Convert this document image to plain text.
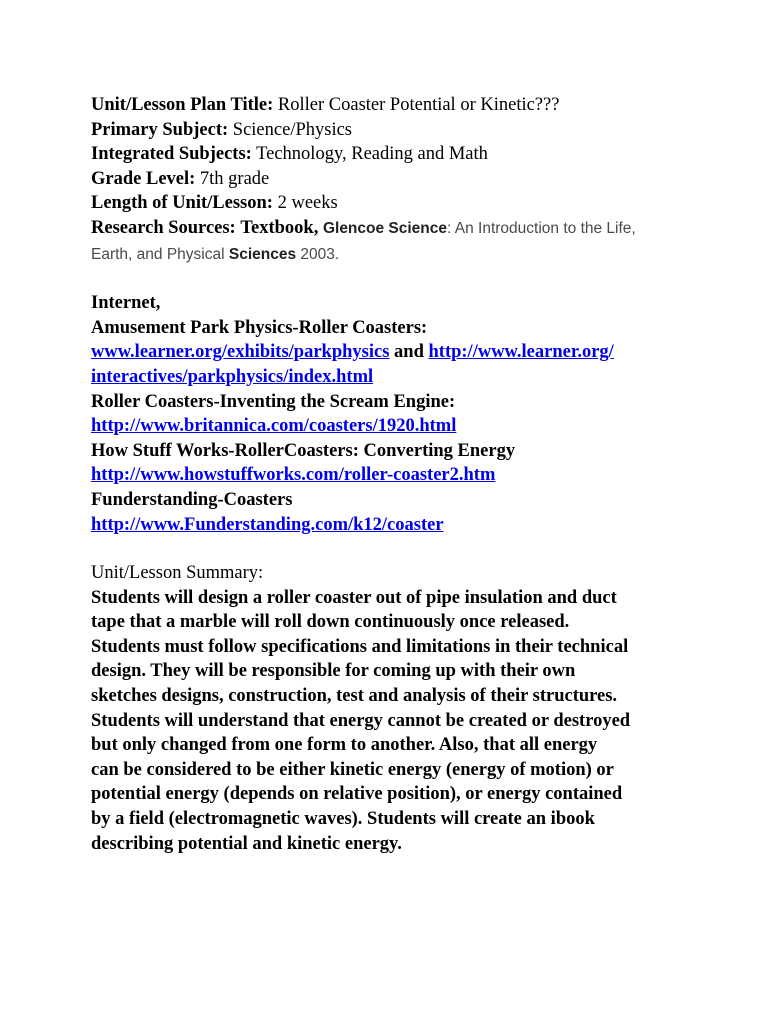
Unit/Lesson Plan Title: Roller Coaster Potential or Kinetic???
Primary Subject: Science/Physics
Integrated Subjects: Technology, Reading and Math
Grade Level: 7th grade
Length of Unit/Lesson: 2 weeks
Research Sources: Textbook, Glencoe Science: An Introduction to the Life,
Earth, and Physical Sciences 2003.
Internet,
Amusement Park Physics-Roller Coasters:
www.learner.org/exhibits/parkphysics and http://www.learner.org/
interactives/parkphysics/index.html
Roller Coasters-Inventing the Scream Engine:
http://www.britannica.com/coasters/1920.html
How Stuff Works-RollerCoasters: Converting Energy
http://www.howstuffworks.com/roller-coaster2.htm
Funderstanding-Coasters
http://www.Funderstanding.com/k12/coaster
Unit/Lesson Summary:
Students will design a roller coaster out of pipe insulation and duct
tape that a marble will roll down continuously once released.
Students must follow specifications and limitations in their technical
design. They will be responsible for coming up with their own
sketches designs, construction, test and analysis of their structures.
Students will understand that energy cannot be created or destroyed
but only changed from one form to another. Also, that all energy
can be considered to be either kinetic energy (energy of motion) or
potential energy (depends on relative position), or energy contained
by a field (electromagnetic waves). Students will create an ibook
describing potential and kinetic energy.
